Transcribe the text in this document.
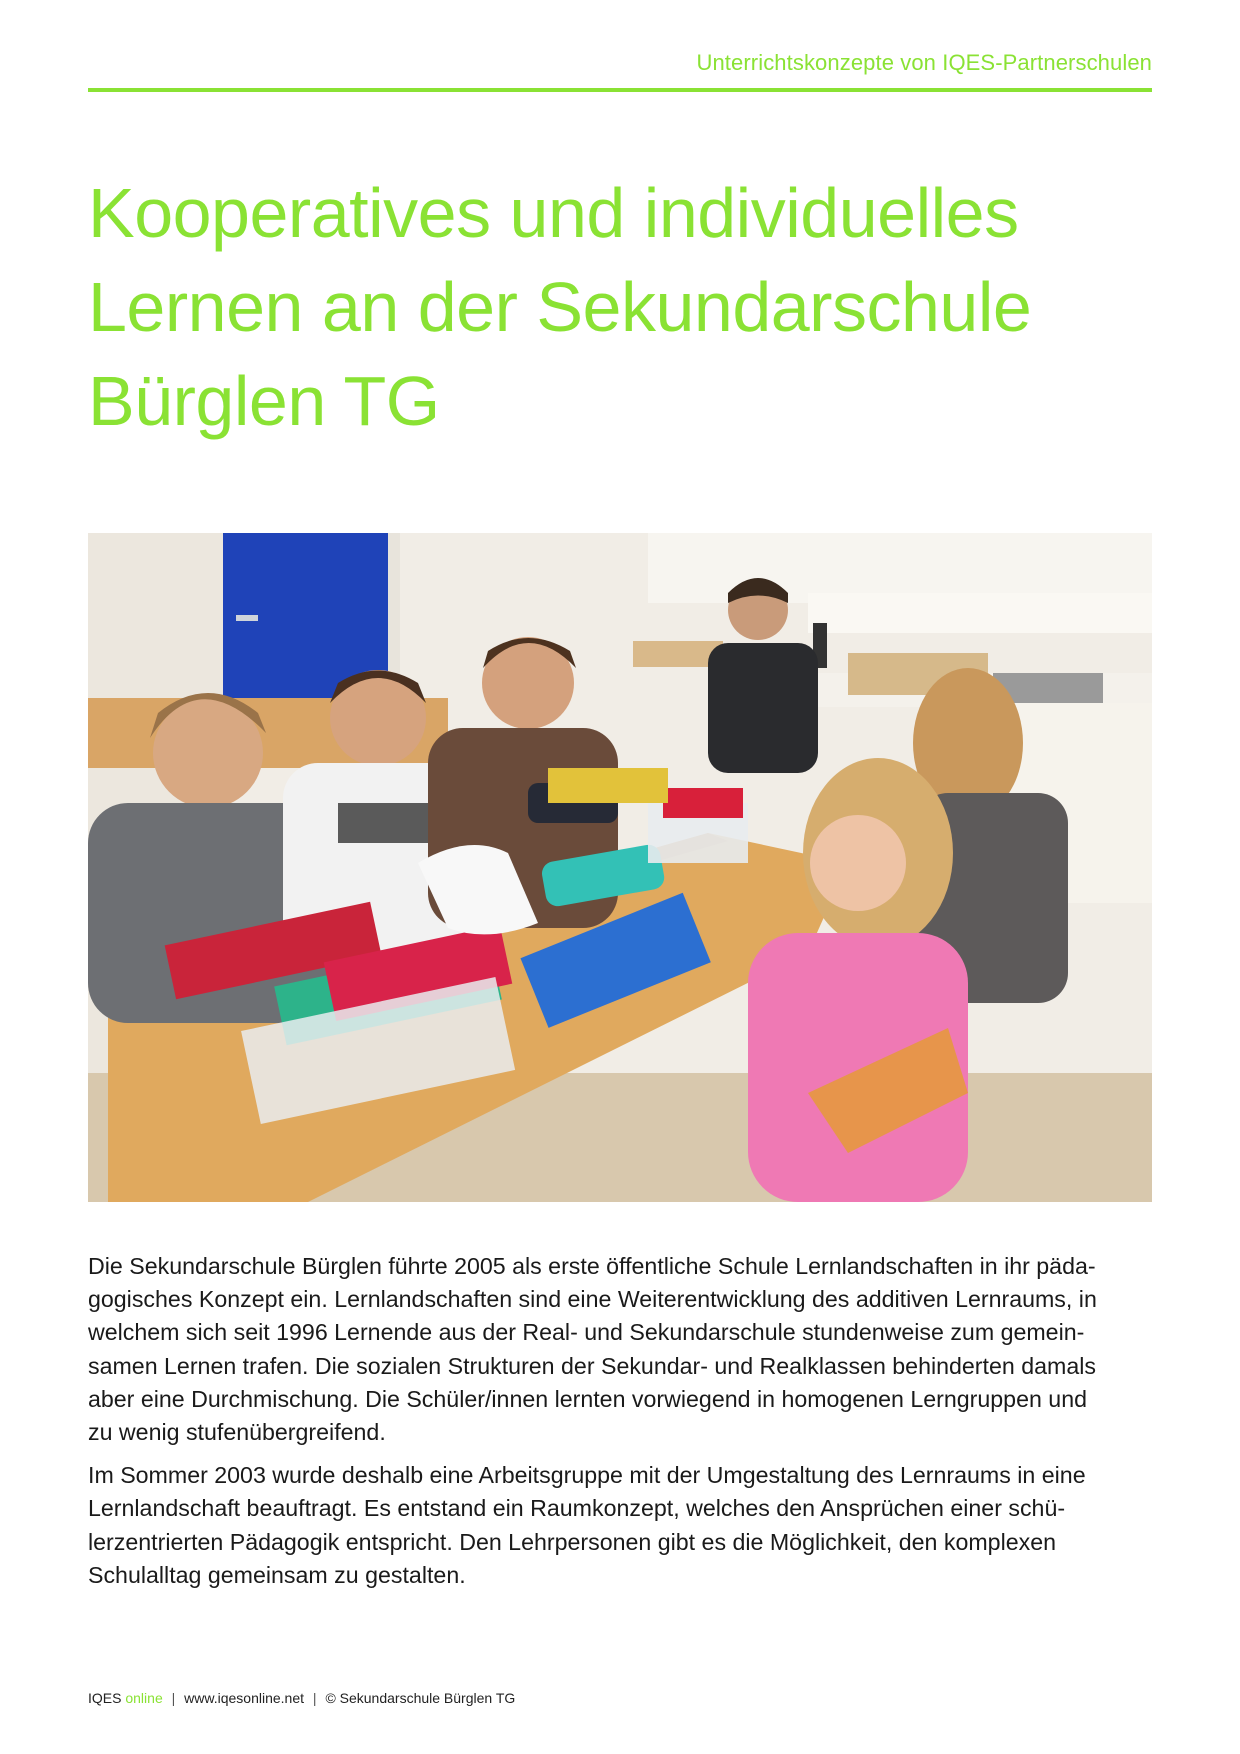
Unterrichtskonzepte von IQES-Partnerschulen
Kooperatives und individuelles
Lernen an der Sekundarschule
Bürglen TG

Die Sekundarschule Bürglen führte 2005 als erste öffentliche Schule Lernlandschaften in ihr päda-
gogisches Konzept ein. Lernlandschaften sind eine Weiterentwicklung des additiven Lernraums, in
welchem sich seit 1996 Lernende aus der Real- und Sekundarschule stundenweise zum gemein-
samen Lernen trafen. Die sozialen Strukturen der Sekundar- und Realklassen behinderten damals
aber eine Durchmischung. Die Schüler/innen lernten vorwiegend in homogenen Lerngruppen und
zu wenig stufenübergreifend.

Im Sommer 2003 wurde deshalb eine Arbeitsgruppe mit der Umgestaltung des Lernraums in eine
Lernlandschaft beauftragt. Es entstand ein Raumkonzept, welches den Ansprüchen einer schü-
lerzentrierten Pädagogik entspricht. Den Lehrpersonen gibt es die Möglichkeit, den komplexen
Schulalltag gemeinsam zu gestalten.

IQES online | www.iqesonline.net | © Sekundarschule Bürglen TG
